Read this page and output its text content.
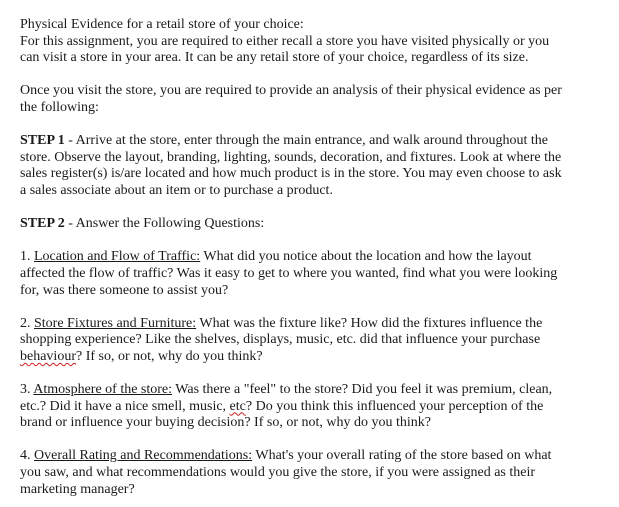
Physical Evidence for a retail store of your choice:

For this assignment, you are required to either recall a store you have visited physically or you
can visit a store in your area. It can be any retail store of your choice, regardless of its size.

Once you visit the store, you are required to provide an analysis of their physical evidence as per
the following:

STEP 1 - Arrive at the store, enter through the main entrance, and walk around throughout the
store. Observe the layout, branding, lighting, sounds, decoration, and fixtures. Look at where the
sales register(s) is/are located and how much product is in the store. You may even choose to ask
a sales associate about an item or to purchase a product.

STEP 2 - Answer the Following Questions:

1. Location and Flow of Traffic: What did you notice about the location and how the layout
affected the flow of traffic? Was it easy to get to where you wanted, find what you were looking
for, was there someone to assist you?

2. Store Fixtures and Furniture: What was the fixture like? How did the fixtures influence the
shopping experience? Like the shelves, displays, music, etc. did that influence your purchase
behaviour? If so, or not, why do you think?

3. Atmosphere of the store: Was there a "feel" to the store? Did you feel it was premium, clean,
etc.? Did it have a nice smell, music, etc? Do you think this influenced your perception of the
brand or influence your buying decision? If so, or not, why do you think?

4. Overall Rating and Recommendations: What's your overall rating of the store based on what
you saw, and what recommendations would you give the store, if you were assigned as their
marketing manager?
